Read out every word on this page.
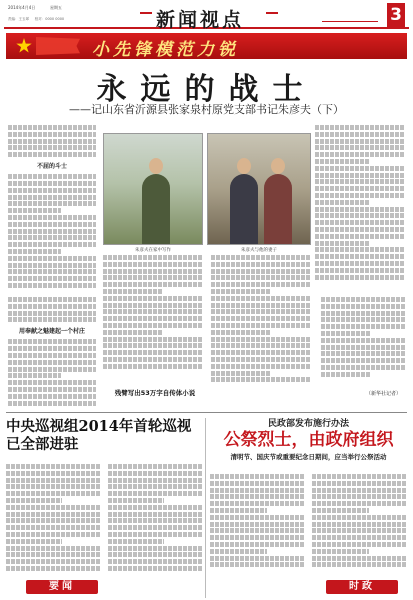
2014年4月4日	星期五
责编：王玉翠 　 校对：0000 0000	新闻视点	3
小先锋模范力锐
永远的战士
——记山东省沂源县张家泉村原党支部书记朱彦夫（下）
不屈的斗士
朱彦夫在家中写作	朱彦夫与他的妻子
用奉献之魅建起一个村庄
残臂写出53万字自传体小说	（新华社记者）
中央巡视组2014年首轮巡视已全部进驻
要闻
民政部发布施行办法
公祭烈士，由政府组织
清明节、国庆节或重要纪念日期间，应当举行公祭活动
时政
